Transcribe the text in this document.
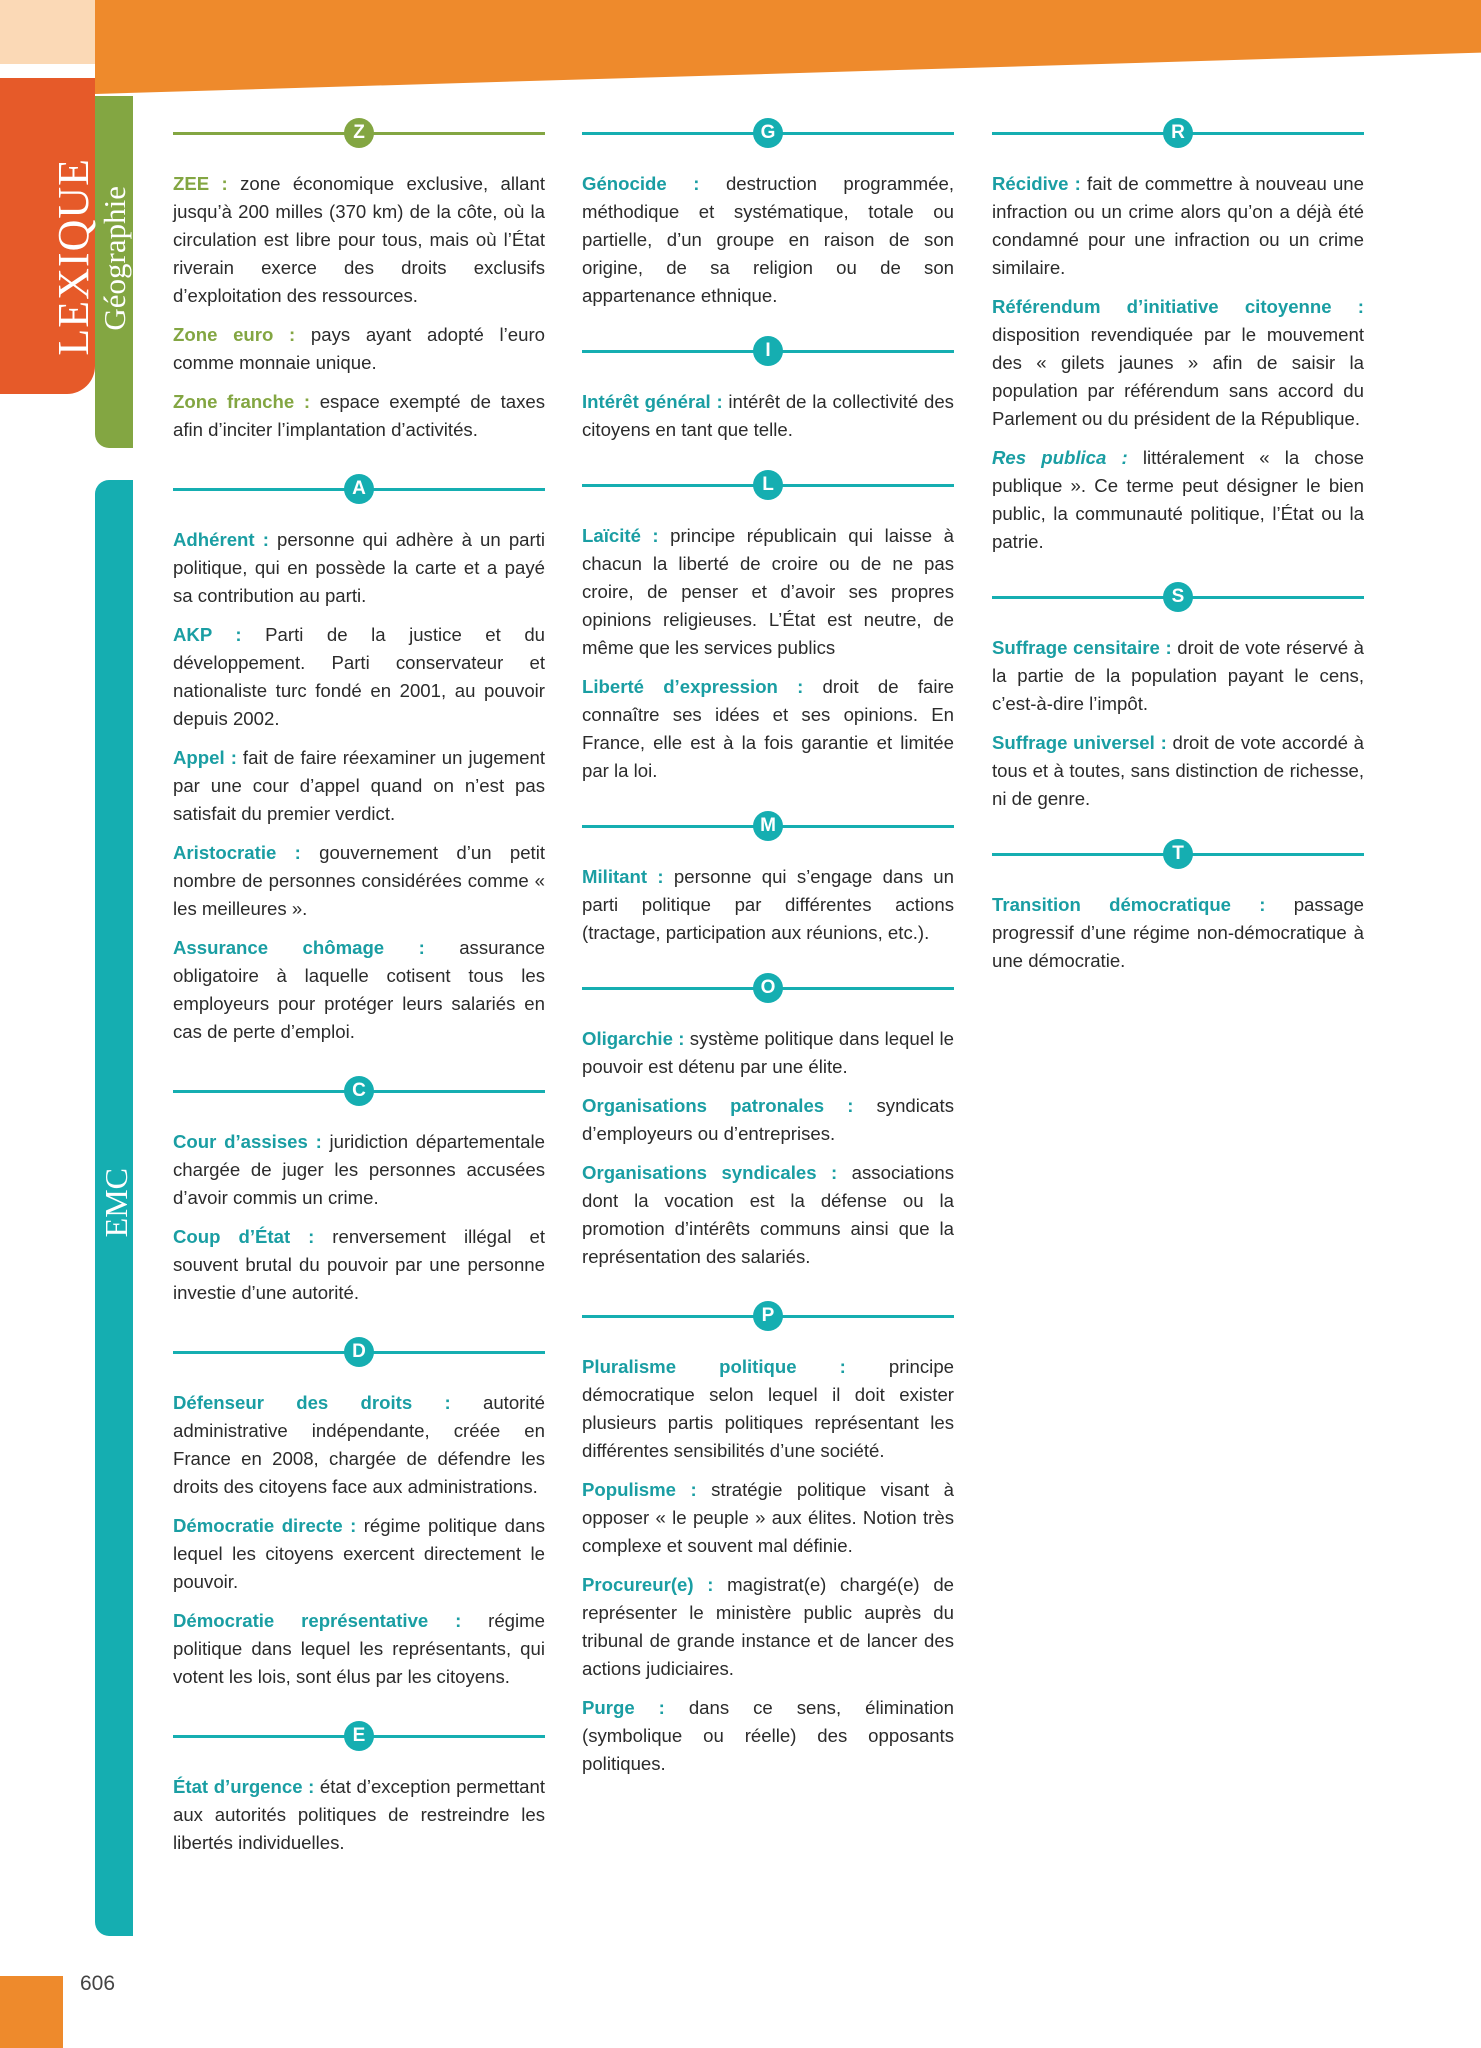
LEXIQUE Géographie
EMC
Z

ZEE : zone économique exclusive, allant jusqu’à 200 milles (370 km) de la côte, où la circulation est libre pour tous, mais où l’État riverain exerce des droits exclusifs d’exploitation des ressources.

Zone euro : pays ayant adopté l’euro comme monnaie unique.

Zone franche : espace exempté de taxes afin d’inciter l’implantation d’activités.

A

Adhérent : personne qui adhère à un parti politique, qui en possède la carte et a payé sa contribution au parti.

AKP : Parti de la justice et du développement. Parti conservateur et nationaliste turc fondé en 2001, au pouvoir depuis 2002.

Appel : fait de faire réexaminer un jugement par une cour d’appel quand on n’est pas satisfait du premier verdict.

Aristocratie : gouvernement d’un petit nombre de personnes considérées comme « les meilleures ».

Assurance chômage : assurance obligatoire à laquelle cotisent tous les employeurs pour protéger leurs salariés en cas de perte d’emploi.

C

Cour d’assises : juridiction départementale chargée de juger les personnes accusées d’avoir commis un crime.

Coup d’État : renversement illégal et souvent brutal du pouvoir par une personne investie d’une autorité.

D

Défenseur des droits : autorité administrative indépendante, créée en France en 2008, chargée de défendre les droits des citoyens face aux administrations.

Démocratie directe : régime politique dans lequel les citoyens exercent directement le pouvoir.

Démocratie représentative : régime politique dans lequel les représentants, qui votent les lois, sont élus par les citoyens.

E

État d’urgence : état d’exception permettant aux autorités politiques de restreindre les libertés individuelles.

G

Génocide : destruction programmée, méthodique et systématique, totale ou partielle, d’un groupe en raison de son origine, de sa religion ou de son appartenance ethnique.

I

Intérêt général : intérêt de la collectivité des citoyens en tant que telle.

L

Laïcité : principe républicain qui laisse à chacun la liberté de croire ou de ne pas croire, de penser et d’avoir ses propres opinions religieuses. L’État est neutre, de même que les services publics

Liberté d’expression : droit de faire connaître ses idées et ses opinions. En France, elle est à la fois garantie et limitée par la loi.

M

Militant : personne qui s’engage dans un parti politique par différentes actions (tractage, participation aux réunions, etc.).

O

Oligarchie : système politique dans lequel le pouvoir est détenu par une élite.

Organisations patronales : syndicats d’employeurs ou d’entreprises.

Organisations syndicales : associations dont la vocation est la défense ou la promotion d’intérêts communs ainsi que la représentation des salariés.

P

Pluralisme politique : principe démocratique selon lequel il doit exister plusieurs partis politiques représentant les différentes sensibilités d’une société.

Populisme : stratégie politique visant à opposer « le peuple » aux élites. Notion très complexe et souvent mal définie.

Procureur(e) : magistrat(e) chargé(e) de représenter le ministère public auprès du tribunal de grande instance et de lancer des actions judiciaires.

Purge : dans ce sens, élimination (symbolique ou réelle) des opposants politiques.

R

Récidive : fait de commettre à nouveau une infraction ou un crime alors qu’on a déjà été condamné pour une infraction ou un crime similaire.

Référendum d’initiative citoyenne : disposition revendiquée par le mouvement des « gilets jaunes » afin de saisir la population par référendum sans accord du Parlement ou du président de la République.

Res publica : littéralement « la chose publique ». Ce terme peut désigner le bien public, la communauté politique, l’État ou la patrie.

S

Suffrage censitaire : droit de vote réservé à la partie de la population payant le cens, c’est-à-dire l’impôt.

Suffrage universel : droit de vote accordé à tous et à toutes, sans distinction de richesse, ni de genre.

T

Transition démocratique : passage progressif d’une régime non-démocratique à une démocratie.

606
